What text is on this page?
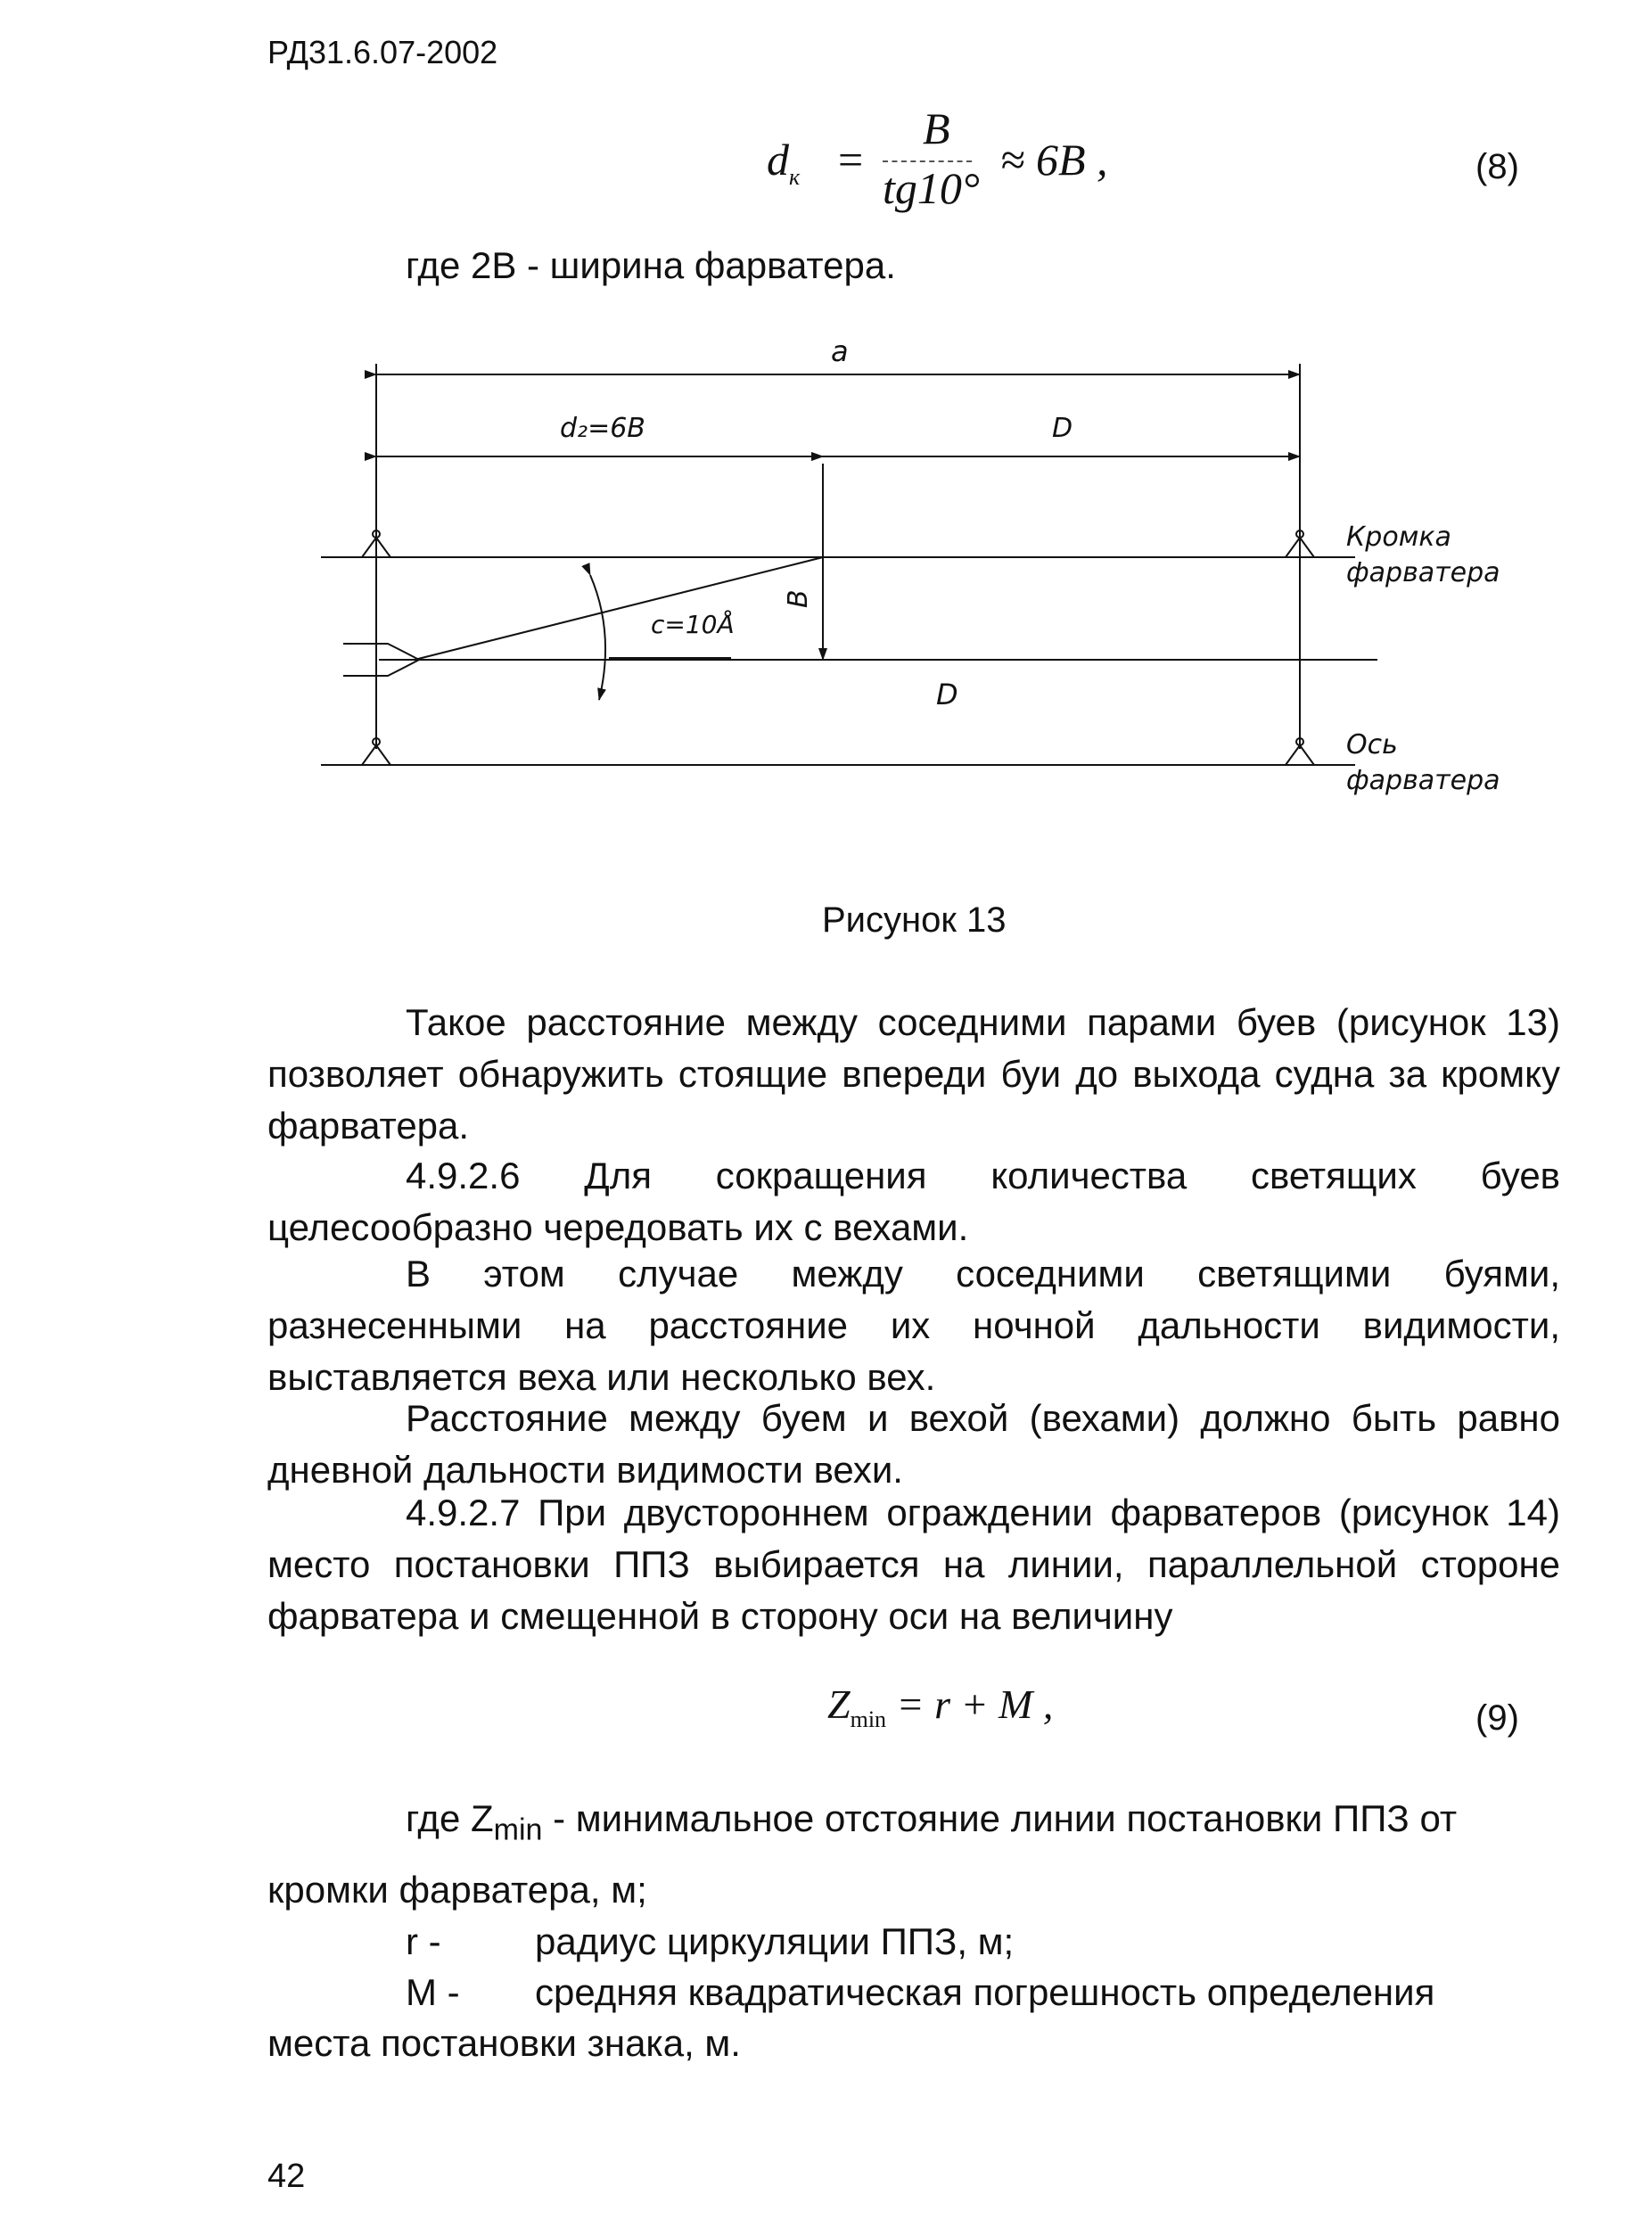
РД31.6.07-2002
$d_к$ =
B
tg10°
≈ 6B ,	(8)
где 2В - ширина фарватера.
a
d₂=6B	D
B
c=10Å
D
Кромка
фарватера
Ось
фарватера
Рисунок 13
Такое расстояние между соседними парами буев (рисунок 13) позволяет обнаружить стоящие впереди буи до выхода судна за кромку фарватера.
4.9.2.6 Для сокращения количества светящих буев целесообразно чередовать их с вехами.
В этом случае между соседними светящими буями, разнесенными на расстояние их ночной дальности видимости, выставляется веха или несколько вех.
Расстояние между буем и вехой (вехами) должно быть равно дневной дальности видимости вехи.
4.9.2.7 При двустороннем ограждении фарватеров (рисунок 14) место постановки ППЗ выбирается на линии, параллельной стороне фарватера и смещенной в сторону оси на величину
$Z_{min} = r + M$ ,	(9)
где $Z_{min}$ - минимальное отстояние линии постановки ППЗ от
кромки фарватера, м;
r -	радиус циркуляции ППЗ, м;
М - средняя квадратическая погрешность определения
места постановки знака, м.
42
